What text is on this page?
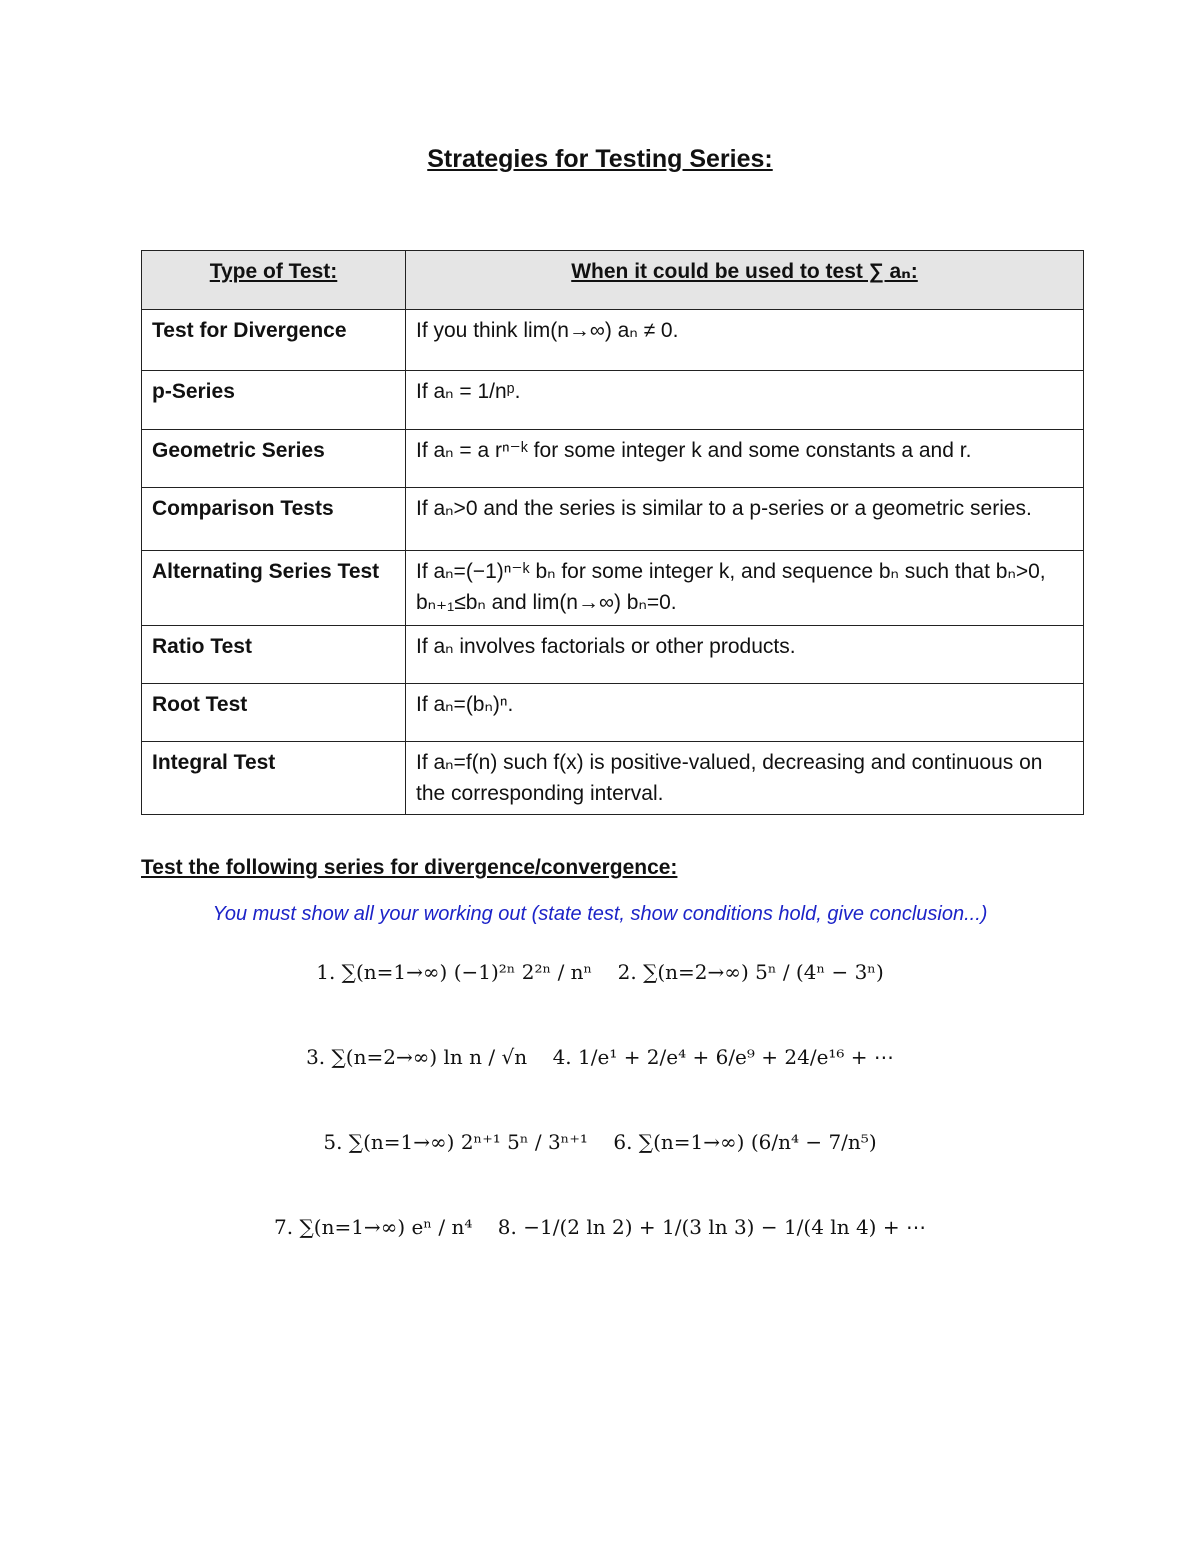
Strategies for Testing Series:
Type of Test:	When it could be used to test ∑ aₙ:
Test for Divergence	If you think lim(n→∞) aₙ ≠ 0.
p-Series	If aₙ = 1/nᵖ.
Geometric Series	If aₙ = a rⁿ⁻ᵏ for some integer k and some constants a and r.
Comparison Tests	If aₙ>0 and the series is similar to a p-series or a geometric series.
Alternating Series Test	If aₙ=(−1)ⁿ⁻ᵏ bₙ for some integer k, and sequence bₙ such that bₙ>0, bₙ₊₁≤bₙ and lim(n→∞) bₙ=0.
Ratio Test	If aₙ involves factorials or other products.
Root Test	If aₙ=(bₙ)ⁿ.
Integral Test	If aₙ=f(n) such f(x) is positive-valued, decreasing and continuous on the corresponding interval.
Test the following series for divergence/convergence:
You must show all your working out (state test, show conditions hold, give conclusion...)
1. ∑(n=1→∞) (−1)²ⁿ 2²ⁿ / nⁿ 2. ∑(n=2→∞) 5ⁿ / (4ⁿ − 3ⁿ)
3. ∑(n=2→∞) ln n / √n 4. 1/e¹ + 2/e⁴ + 6/e⁹ + 24/e¹⁶ + ⋯
5. ∑(n=1→∞) 2ⁿ⁺¹ 5ⁿ / 3ⁿ⁺¹ 6. ∑(n=1→∞) (6/n⁴ − 7/n⁵)
7. ∑(n=1→∞) eⁿ / n⁴ 8. −1/(2 ln 2) + 1/(3 ln 3) − 1/(4 ln 4) + ⋯
